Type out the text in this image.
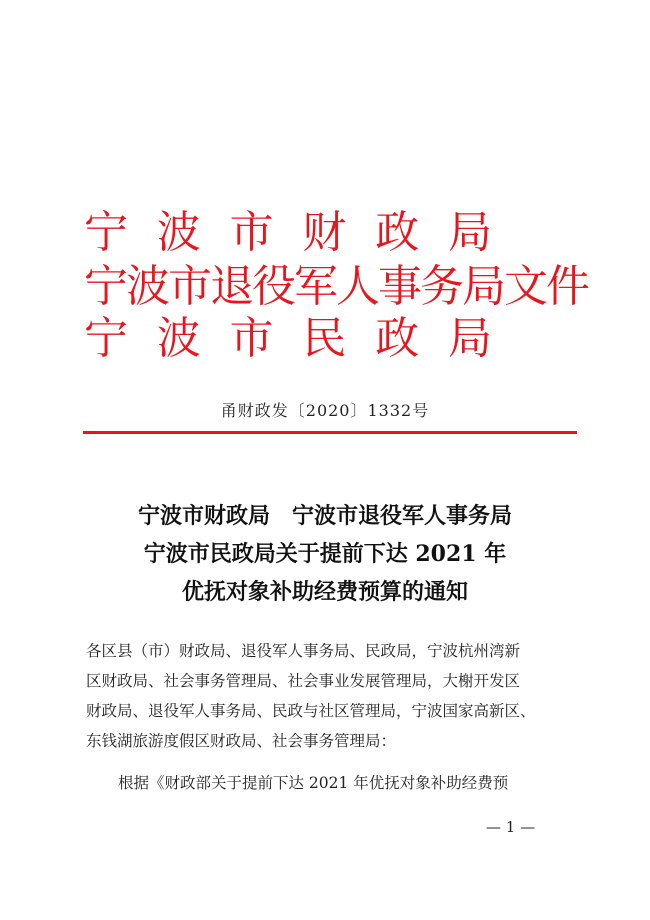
宁 波 市 财 政 局
宁波市退役军人事务局文件
宁 波 市 民 政 局
甬财政发〔2020〕1332号
宁波市财政局　宁波市退役军人事务局
宁波市民政局关于提前下达 2021 年
优抚对象补助经费预算的通知

各区县（市）财政局、退役军人事务局、民政局，宁波杭州湾新
区财政局、社会事务管理局、社会事业发展管理局，大榭开发区
财政局、退役军人事务局、民政与社区管理局，宁波国家高新区、
东钱湖旅游度假区财政局、社会事务管理局：

根据《财政部关于提前下达 2021 年优抚对象补助经费预

— 1 —
